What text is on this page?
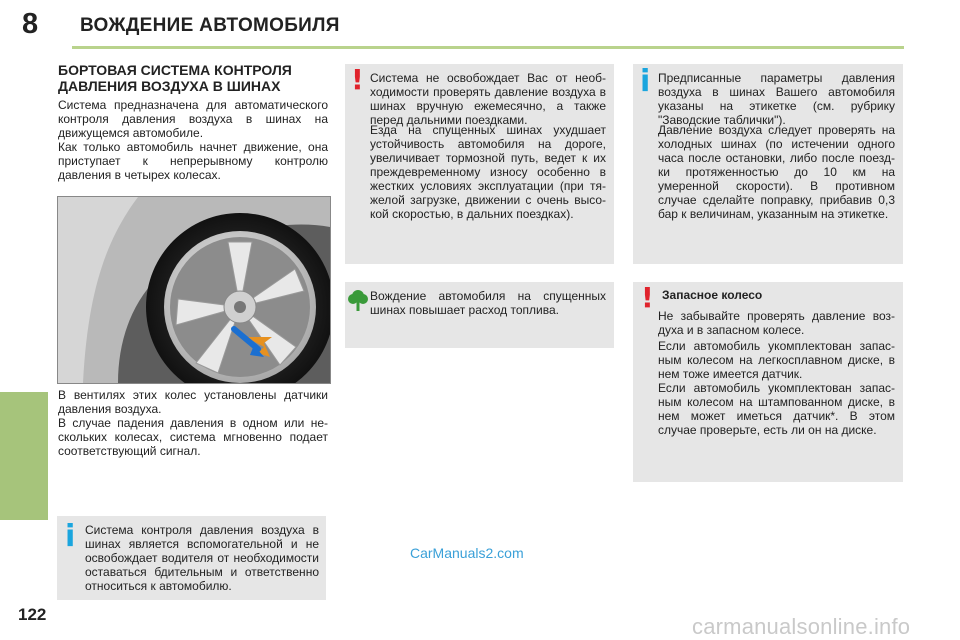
8 ВОЖДЕНИЕ АВТОМОБИЛЯ
БОРТОВАЯ СИСТЕМА КОНТРОЛЯ ДАВЛЕНИЯ ВОЗДУХА В ШИНАХ

Система предназначена для автоматического контроля давления воздуха в шинах на движущемся автомобиле.

Как только автомобиль начнет движение, она приступает к непрерывному контролю давления в четырех колесах.

В вентилях этих колес установлены датчики давления воздуха.

В случае падения давления в одном или нескольких колесах, система мгновенно подает соответствующий сигнал.

i Система контроля давления воздуха в шинах является вспомогательной и не освобождает водителя от необходимости оставаться бдительным и ответственно относиться к автомобилю.

! Система не освобождает Вас от необходимости проверять давление воздуха в шинах вручную ежемесячно, а также перед дальними поездками.

Езда на спущенных шинах ухудшает устойчивость автомобиля на дороге, увеличивает тормозной путь, ведет к их преждевременному износу особенно в жестких условиях эксплуатации (при тяжелой загрузке, движении с очень высокой скоростью, в дальних поездках).

Вождение автомобиля на спущенных шинах повышает расход топлива.

i Предписанные параметры давления воздуха в шинах Вашего автомобиля указаны на этикетке (см. рубрику "Заводские таблички").

Давление воздуха следует проверять на холодных шинах (по истечении одного часа после остановки, либо после поездки протяженностью до 10 км на умеренной скорости). В противном случае сделайте поправку, прибавив 0,3 бар к величинам, указанным на этикетке.

! Запасное колесо

Не забывайте проверять давление воздуха и в запасном колесе.

Если автомобиль укомплектован запасным колесом на легкосплавном диске, в нем тоже имеется датчик.

Если автомобиль укомплектован запасным колесом на штампованном диске, в нем может иметься датчик*. В этом случае проверьте, есть ли он на диске.

122
CarManuals2.com
carmanualsonline.info
